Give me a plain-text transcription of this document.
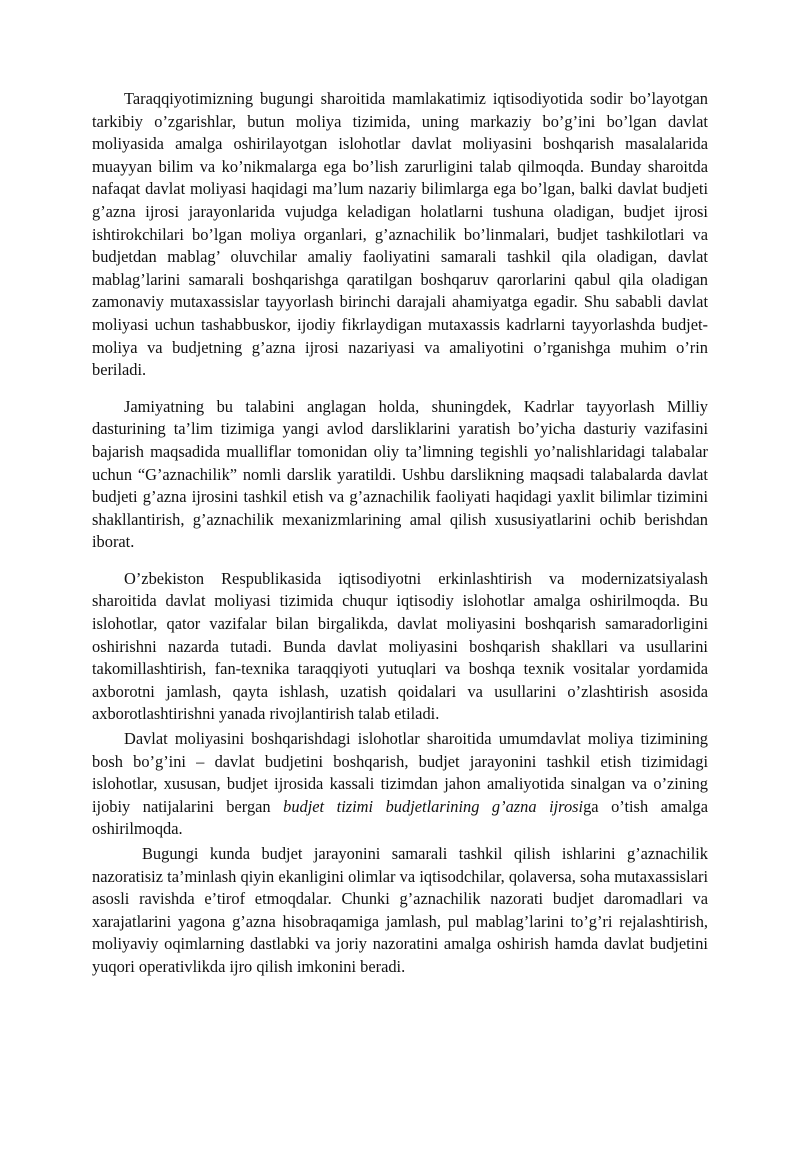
Taraqqiyotimizning bugungi sharoitida mamlakatimiz iqtisodiyotida sodir bo’layotgan tarkibiy o’zgarishlar, butun moliya tizimida, uning markaziy bo’g’ini bo’lgan davlat moliyasida amalga oshirilayotgan islohotlar davlat moliyasini boshqarish masalalarida muayyan bilim va ko’nikmalarga ega bo’lish zarurligini talab qilmoqda. Bunday sharoitda nafaqat davlat moliyasi haqidagi ma’lum nazariy bilimlarga ega bo’lgan, balki davlat budjeti g’azna ijrosi jarayonlarida vujudga keladigan holatlarni tushuna oladigan, budjet ijrosi ishtirokchilari bo’lgan moliya organlari, g’aznachilik bo’linmalari, budjet tashkilotlari va budjetdan mablag’ oluvchilar amaliy faoliyatini samarali tashkil qila oladigan, davlat mablag’larini samarali boshqarishga qaratilgan boshqaruv qarorlarini qabul qila oladigan zamonaviy mutaxassislar tayyorlash birinchi darajali ahamiyatga egadir. Shu sababli davlat moliyasi uchun tashabbuskor, ijodiy fikrlaydigan mutaxassis kadrlarni tayyorlashda budjet-moliya va budjetning g’azna ijrosi nazariyasi va amaliyotini o’rganishga muhim o’rin beriladi.

Jamiyatning bu talabini anglagan holda, shuningdek, Kadrlar tayyorlash Milliy dasturining ta’lim tizimiga yangi avlod darsliklarini yaratish bo’yicha dasturiy vazifasini bajarish maqsadida mualliflar tomonidan oliy ta’limning tegishli yo’nalishlaridagi talabalar uchun “G’aznachilik” nomli darslik yaratildi. Ushbu darslikning maqsadi talabalarda davlat budjeti g’azna ijrosini tashkil etish va g’aznachilik faoliyati haqidagi yaxlit bilimlar tizimini shakllantirish, g’aznachilik mexanizmlarining amal qilish xususiyatlarini ochib berishdan iborat.

O’zbekiston Respublikasida iqtisodiyotni erkinlashtirish va modernizatsiyalash sharoitida davlat moliyasi tizimida chuqur iqtisodiy islohotlar amalga oshirilmoqda. Bu islohotlar, qator vazifalar bilan birgalikda, davlat moliyasini boshqarish samaradorligini oshirishni nazarda tutadi. Bunda davlat moliyasini boshqarish shakllari va usullarini takomillashtirish, fan-texnika taraqqiyoti yutuqlari va boshqa texnik vositalar yordamida axborotni jamlash, qayta ishlash, uzatish qoidalari va usullarini o’zlashtirish asosida axborotlashtirishni yanada rivojlantirish talab etiladi.

Davlat moliyasini boshqarishdagi islohotlar sharoitida umumdavlat moliya tizimining bosh bo’g’ini – davlat budjetini boshqarish, budjet jarayonini tashkil etish tizimidagi islohotlar, xususan, budjet ijrosida kassali tizimdan jahon amaliyotida sinalgan va o’zining ijobiy natijalarini bergan budjet tizimi budjetlarining g’azna ijrosiga o’tish amalga oshirilmoqda.

Bugungi kunda budjet jarayonini samarali tashkil qilish ishlarini g’aznachilik nazoratisiz ta’minlash qiyin ekanligini olimlar va iqtisodchilar, qolaversa, soha mutaxassislari asosli ravishda e’tirof etmoqdalar. Chunki g’aznachilik nazorati budjet daromadlari va xarajatlarini yagona g’azna hisobraqamiga jamlash, pul mablag’larini to’g’ri rejalashtirish, moliyaviy oqimlarning dastlabki va joriy nazoratini amalga oshirish hamda davlat budjetini yuqori operativlikda ijro qilish imkonini beradi.
